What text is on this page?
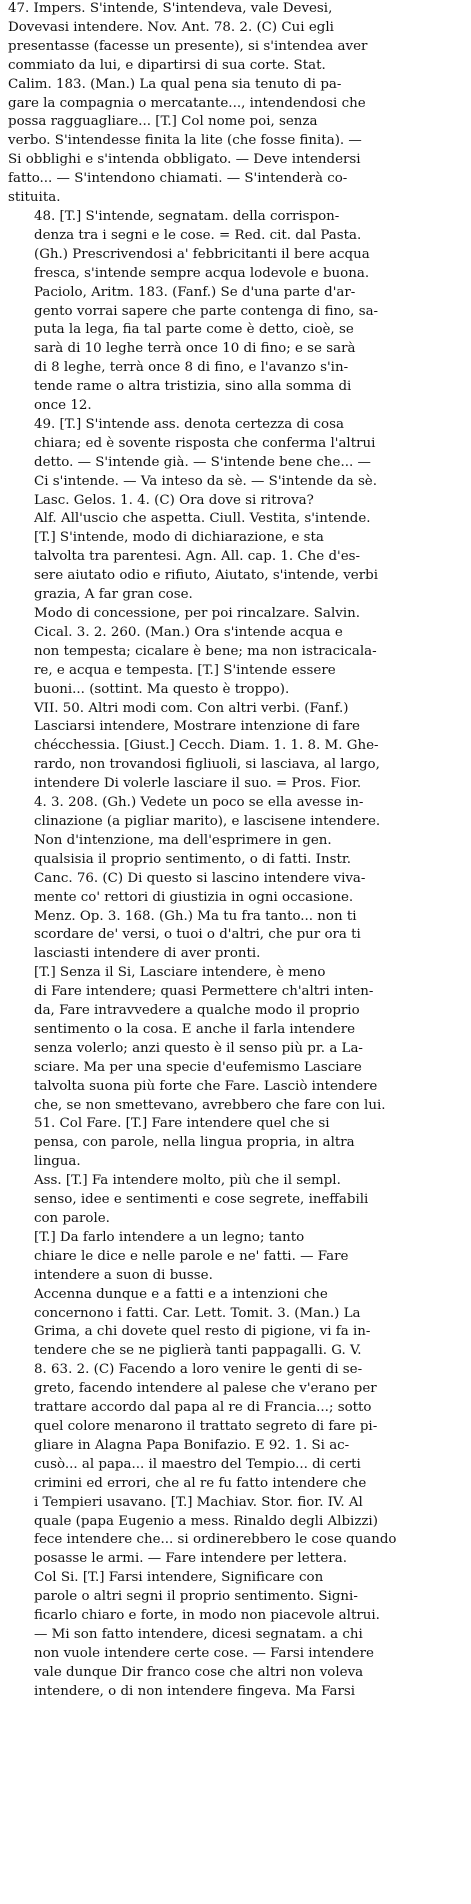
47. Impers. S'intende, S'intendeva, vale Devesi,
Dovevasi intendere. Nov. Ant. 78. 2. (C) Cui egli
presentasse (facesse un presente), si s'intendea aver
commiato da lui, e dipartirsi di sua corte. Stat.
Calim. 183. (Man.) La qual pena sia tenuto di pa-
gare la compagnia o mercatante..., intendendosi che
possa ragguagliare... [T.] Col nome poi, senza
verbo. S'intendesse finita la lite (che fosse finita). —
Si obblighi e s'intenda obbligato. — Deve intendersi
fatto... — S'intendono chiamati. — S'intenderà co-
stituita.
48. [T.] S'intende, segnatam. della corrispon-
denza tra i segni e le cose. = Red. cit. dal Pasta.
(Gh.) Prescrivendosi a' febbricitanti il bere acqua
fresca, s'intende sempre acqua lodevole e buona.
Paciolo, Aritm. 183. (Fanf.) Se d'una parte d'ar-
gento vorrai sapere che parte contenga di fino, sa-
puta la lega, fia tal parte come è detto, cioè, se
sarà di 10 leghe terrà once 10 di fino; e se sarà
di 8 leghe, terrà once 8 di fino, e l'avanzo s'in-
tende rame o altra tristizia, sino alla somma di
once 12.
49. [T.] S'intende ass. denota certezza di cosa
chiara; ed è sovente risposta che conferma l'altrui
detto. — S'intende già. — S'intende bene che... —
Ci s'intende. — Va inteso da sè. — S'intende da sè.
Lasc. Gelos. 1. 4. (C) Ora dove si ritrova?
Alf. All'uscio che aspetta. Ciull. Vestita, s'intende.
[T.] S'intende, modo di dichiarazione, e sta
talvolta tra parentesi. Agn. All. cap. 1. Che d'es-
sere aiutato odio e rifiuto, Aiutato, s'intende, verbi
grazia, A far gran cose.
Modo di concessione, per poi rincalzare. Salvin.
Cical. 3. 2. 260. (Man.) Ora s'intende acqua e
non tempesta; cicalare è bene; ma non istracicala-
re, e acqua e tempesta. [T.] S'intende essere
buoni... (sottint. Ma questo è troppo).
VII. 50. Altri modi com. Con altri verbi. (Fanf.)
Lasciarsi intendere, Mostrare intenzione di fare
chécchessia. [Giust.] Cecch. Diam. 1. 1. 8. M. Ghe-
rardo, non trovandosi figliuoli, si lasciava, al largo,
intendere Di volerle lasciare il suo. = Pros. Fior.
4. 3. 208. (Gh.) Vedete un poco se ella avesse in-
clinazione (a pigliar marito), e lascisene intendere.
Non d'intenzione, ma dell'esprimere in gen.
qualsisia il proprio sentimento, o di fatti. Instr.
Canc. 76. (C) Di questo si lascino intendere viva-
mente co' rettori di giustizia in ogni occasione.
Menz. Op. 3. 168. (Gh.) Ma tu fra tanto... non ti
scordare de' versi, o tuoi o d'altri, che pur ora ti
lasciasti intendere di aver pronti.
[T.] Senza il Si, Lasciare intendere, è meno
di Fare intendere; quasi Permettere ch'altri inten-
da, Fare intravvedere a qualche modo il proprio
sentimento o la cosa. E anche il farla intendere
senza volerlo; anzi questo è il senso più pr. a La-
sciare. Ma per una specie d'eufemismo Lasciare
talvolta suona più forte che Fare. Lasciò intendere
che, se non smettevano, avrebbero che fare con lui.
51. Col Fare. [T.] Fare intendere quel che si
pensa, con parole, nella lingua propria, in altra
lingua.
Ass. [T.] Fa intendere molto, più che il sempl.
senso, idee e sentimenti e cose segrete, ineffabili
con parole.
[T.] Da farlo intendere a un legno; tanto
chiare le dice e nelle parole e ne' fatti. — Fare
intendere a suon di busse.
Accenna dunque e a fatti e a intenzioni che
concernono i fatti. Car. Lett. Tomit. 3. (Man.) La
Grima, a chi dovete quel resto di pigione, vi fa in-
tendere che se ne piglierà tanti pappagalli. G. V.
8. 63. 2. (C) Facendo a loro venire le genti di se-
greto, facendo intendere al palese che v'erano per
trattare accordo dal papa al re di Francia...; sotto
quel colore menarono il trattato segreto di fare pi-
gliare in Alagna Papa Bonifazio. E 92. 1. Si ac-
cusò... al papa... il maestro del Tempio... di certi
crimini ed errori, che al re fu fatto intendere che
i Tempieri usavano. [T.] Machiav. Stor. fior. IV. Al
quale (papa Eugenio a mess. Rinaldo degli Albizzi)
fece intendere che... si ordinerebbero le cose quando
posasse le armi. — Fare intendere per lettera.
Col Si. [T.] Farsi intendere, Significare con
parole o altri segni il proprio sentimento. Signi-
ficarlo chiaro e forte, in modo non piacevole altrui.
— Mi son fatto intendere, dicesi segnatam. a chi
non vuole intendere certe cose. — Farsi intendere
vale dunque Dir franco cose che altri non voleva
intendere, o di non intendere fingeva. Ma Farsi
